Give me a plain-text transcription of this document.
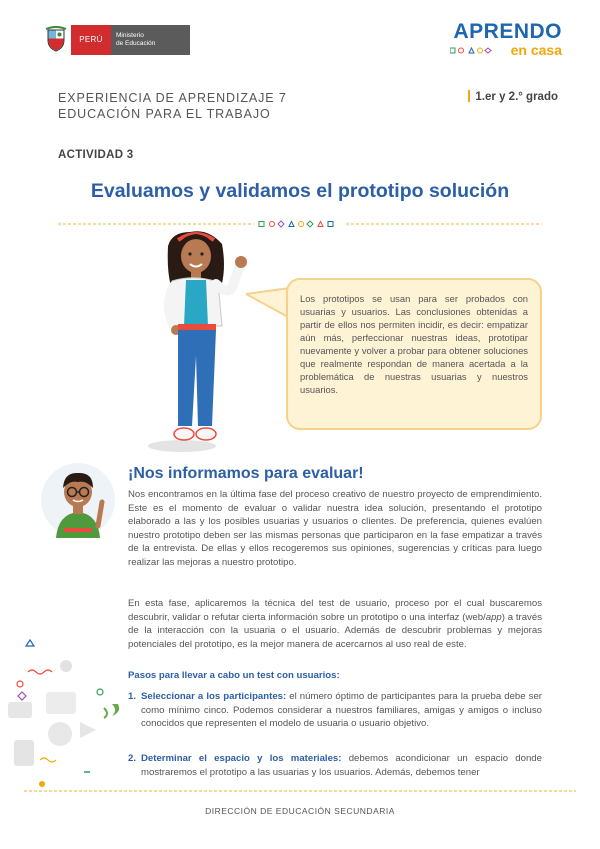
PERÚ	Ministerio
de Educación
APRENDO
en casa
EXPERIENCIA DE APRENDIZAJE 7
EDUCACIÓN PARA EL TRABAJO
1.er y 2.° grado
ACTIVIDAD 3
Evaluamos y validamos el prototipo solución

Los prototipos se usan para ser probados con usuarias y usuarios. Las conclusiones obtenidas a partir de ellos nos permiten incidir, es decir: empatizar aún más, perfeccionar nuestras ideas, prototipar nuevamente y volver a probar para obtener soluciones que realmente respondan de manera acertada a la problemática de nuestras usuarias y nuestros usuarios.

¡Nos informamos para evaluar!

Nos encontramos en la última fase del proceso creativo de nuestro proyecto de emprendimiento. Este es el momento de evaluar o validar nuestra idea solución, presentando el prototipo elaborado a las y los posibles usuarias y usuarios o clientes. De preferencia, quienes evalúen nuestro prototipo deben ser las mismas personas que participaron en la fase empatizar a través de la entrevista. De ellas y ellos recogeremos sus opiniones, sugerencias y críticas para luego realizar las mejoras a nuestro prototipo.

En esta fase, aplicaremos la técnica del test de usuario, proceso por el cual buscaremos descubrir, validar o refutar cierta información sobre un prototipo o una interfaz (web/app) a través de la interacción con la usuaria o el usuario. Además de descubrir problemas y mejoras potenciales del prototipo, es la mejor manera de acercarnos al uso real de este.

Pasos para llevar a cabo un test con usuarios:
1. Seleccionar a los participantes: el número óptimo de participantes para la prueba debe ser como mínimo cinco. Podemos considerar a nuestros familiares, amigas y amigos o incluso conocidos que representen el modelo de usuaria o usuario objetivo.
2. Determinar el espacio y los materiales: debemos acondicionar un espacio donde mostraremos el prototipo a las usuarias y los usuarios. Además, debemos tener
DIRECCIÓN DE EDUCACIÓN SECUNDARIA
